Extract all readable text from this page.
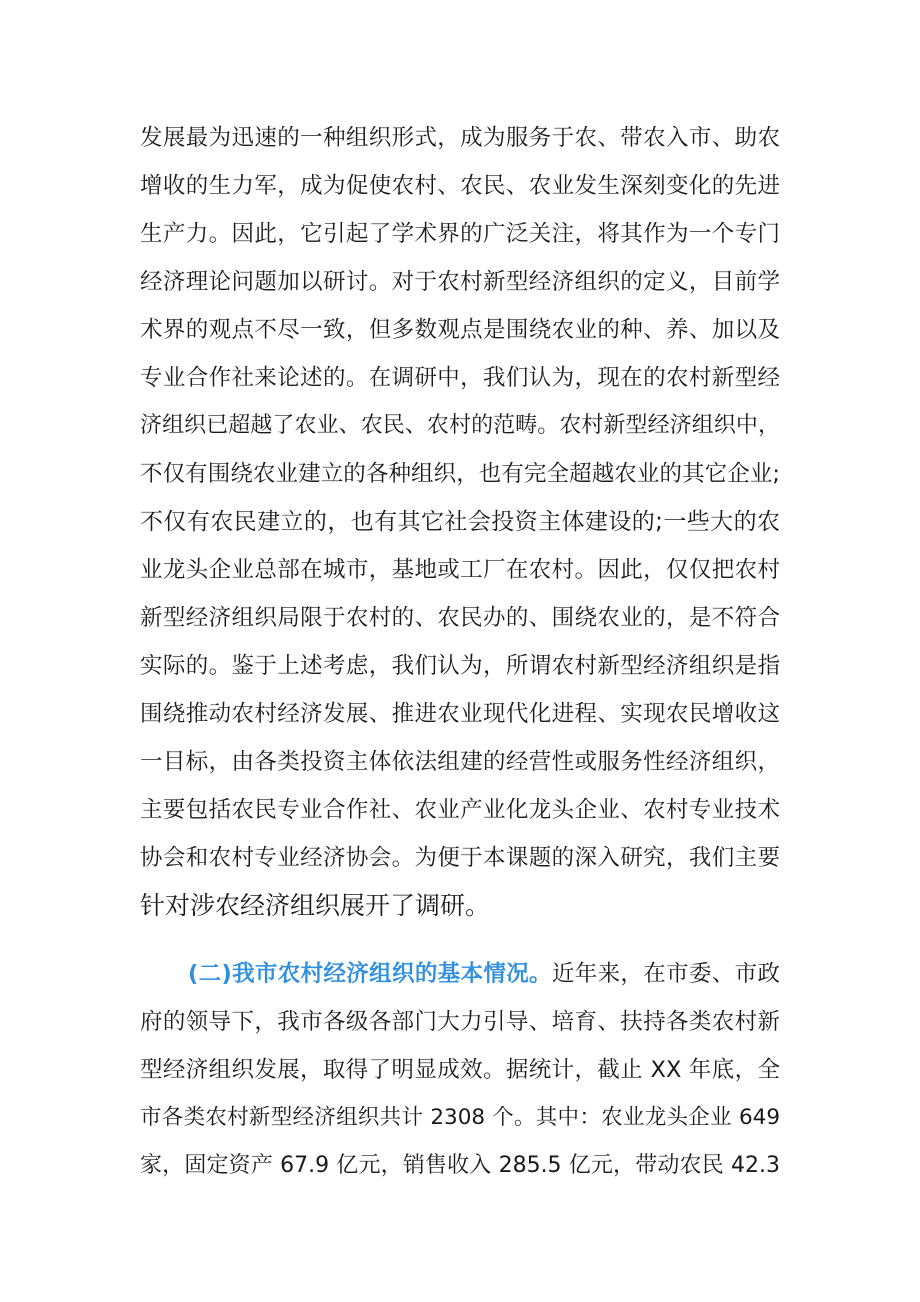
发展最为迅速的一种组织形式，成为服务于农、带农入市、助农
增收的生力军，成为促使农村、农民、农业发生深刻变化的先进
生产力。因此，它引起了学术界的广泛关注，将其作为一个专门
经济理论问题加以研讨。对于农村新型经济组织的定义，目前学
术界的观点不尽一致，但多数观点是围绕农业的种、养、加以及
专业合作社来论述的。在调研中，我们认为，现在的农村新型经
济组织已超越了农业、农民、农村的范畴。农村新型经济组织中，
不仅有围绕农业建立的各种组织，也有完全超越农业的其它企业;
不仅有农民建立的，也有其它社会投资主体建设的;一些大的农
业龙头企业总部在城市，基地或工厂在农村。因此，仅仅把农村
新型经济组织局限于农村的、农民办的、围绕农业的，是不符合
实际的。鉴于上述考虑，我们认为，所谓农村新型经济组织是指
围绕推动农村经济发展、推进农业现代化进程、实现农民增收这
一目标，由各类投资主体依法组建的经营性或服务性经济组织，
主要包括农民专业合作社、农业产业化龙头企业、农村专业技术
协会和农村专业经济协会。为便于本课题的深入研究，我们主要
针对涉农经济组织展开了调研。
(二)我市农村经济组织的基本情况。近年来，在市委、市政
府的领导下，我市各级各部门大力引导、培育、扶持各类农村新
型经济组织发展，取得了明显成效。据统计，截止 XX 年底，全
市各类农村新型经济组织共计 2308 个。其中：农业龙头企业 649
家，固定资产 67.9 亿元，销售收入 285.5 亿元，带动农民 42.3
